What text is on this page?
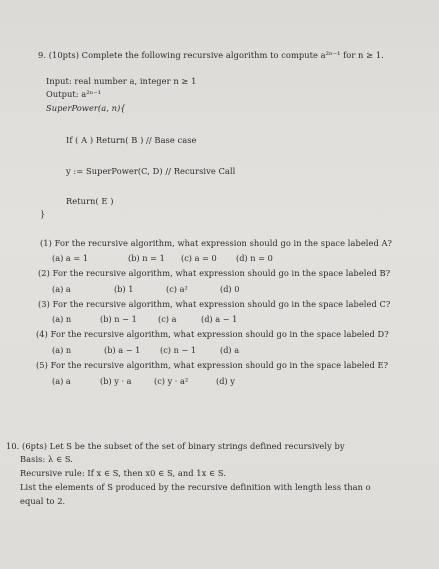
9. (10pts) Complete the following recursive algorithm to compute a²ⁿ⁻¹ for n ≥ 1.
Input: real number a, integer n ≥ 1
Output: a²ⁿ⁻¹
SuperPower(a, n){
If ( A ) Return( B ) // Base case
y := SuperPower(C, D) // Recursive Call
Return( E )
}
(1) For the recursive algorithm, what expression should go in the space labeled A?
(a) a = 1	(b) n = 1 (c) a = 0 (d) n = 0
(2) For the recursive algorithm, what expression should go in the space labeled B?
(a) a	(b) 1	(c) a²	(d) 0
(3) For the recursive algorithm, what expression should go in the space labeled C?
(a) n	(b) n − 1	(c) a	(d) a − 1
(4) For the recursive algorithm, what expression should go in the space labeled D?
(a) n	(b) a − 1 (c) n − 1	(d) a
(5) For the recursive algorithm, what expression should go in the space labeled E?
(a) a	(b) y · a	(c) y · a²	(d) y
10. (6pts) Let S be the subset of the set of binary strings defined recursively by
Basis: λ ∈ S.
Recursive rule: If x ∈ S, then x0 ∈ S, and 1x ∈ S.
List the elements of S produced by the recursive definition with length less than o
equal to 2.
